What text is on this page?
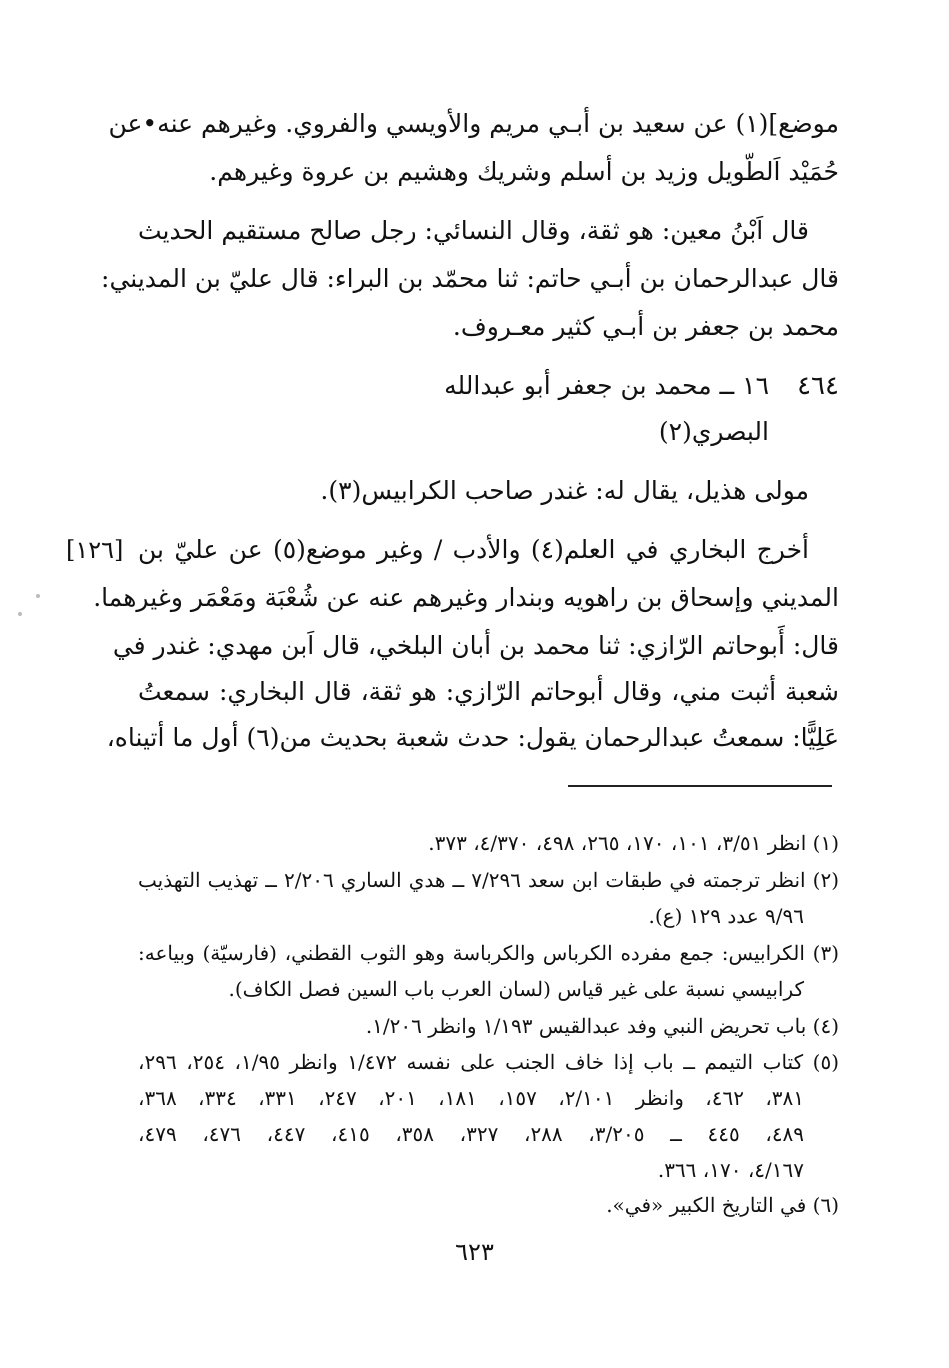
موضع](١) عن سعيد بن أبـي مريم والأويسي والفروي. وغيرهم عنه•عن
حُمَيْد اَلطّويل وزيد بن أسلم وشريك وهشيم بن عروة وغيرهم.
قال اَبْنُ معين: هو ثقة، وقال النسائي: رجل صالح مستقيم الحديث
قال عبدالرحمان بن أبـي حاتم: ثنا محمّد بن البراء: قال عليّ بن المديني:
محمد بن جعفر بن أبـي كثير معـروف.
٤٦٤
١٦ ــ محمد بن جعفر أبو عبدالله
البصري(٢)
مولى هذيل، يقال له: غندر صاحب الكرابيس(٣).
أخرج البخاري في العلم(٤) والأدب / وغير موضع(٥) عن عليّ بن
[١٢٦]
المديني وإسحاق بن راهويه وبندار وغيرهم عنه عن شُعْبَة ومَعْمَر وغيرهما.
قال: أَبوحاتم الرّازي: ثنا محمد بن أبان البلخي، قال اَبن مهدي: غندر في
شعبة أثبت مني، وقال أبوحاتم الرّازي: هو ثقة، قال البخاري: سمعتُ
عَلِيًّا: سمعتُ عبدالرحمان يقول: حدث شعبة بحديث من(٦) أول ما أتيناه،
(١) انظر ٣/٥١، ١٠١، ١٧٠، ٢٦٥، ٤٩٨، ٤/٣٧٠، ٣٧٣.
(٢) انظر ترجمته في طبقات ابن سعد ٧/٢٩٦ ــ هدي الساري ٢/٢٠٦ ــ تهذيب التهذيب
٩/٩٦ عدد ١٢٩ (ع).
(٣) الكرابيس: جمع مفرده الكرباس والكرباسة وهو الثوب القطني، (فارسيّة) وبياعه:
كرابيسي نسبة على غير قياس (لسان العرب باب السين فصل الكاف).
(٤) باب تحريض النبي وفد عبدالقيس ١/١٩٣ وانظر ١/٢٠٦.
(٥) كتاب التيمم ــ باب إذا خاف الجنب على نفسه ١/٤٧٢ وانظر ١/٩٥، ٢٥٤، ٢٩٦،
٣٨١، ٤٦٢، وانظر ٢/١٠١، ١٥٧، ١٨١، ٢٠١، ٢٤٧، ٣٣١، ٣٣٤، ٣٦٨،
٤٨٩، ٤٤٥ ــ ٣/٢٠٥، ٢٨٨، ٣٢٧، ٣٥٨، ٤١٥، ٤٤٧، ٤٧٦، ٤٧٩،
٤/١٦٧، ١٧٠، ٣٦٦.
(٦) في التاريخ الكبير «في».
٦٢٣
